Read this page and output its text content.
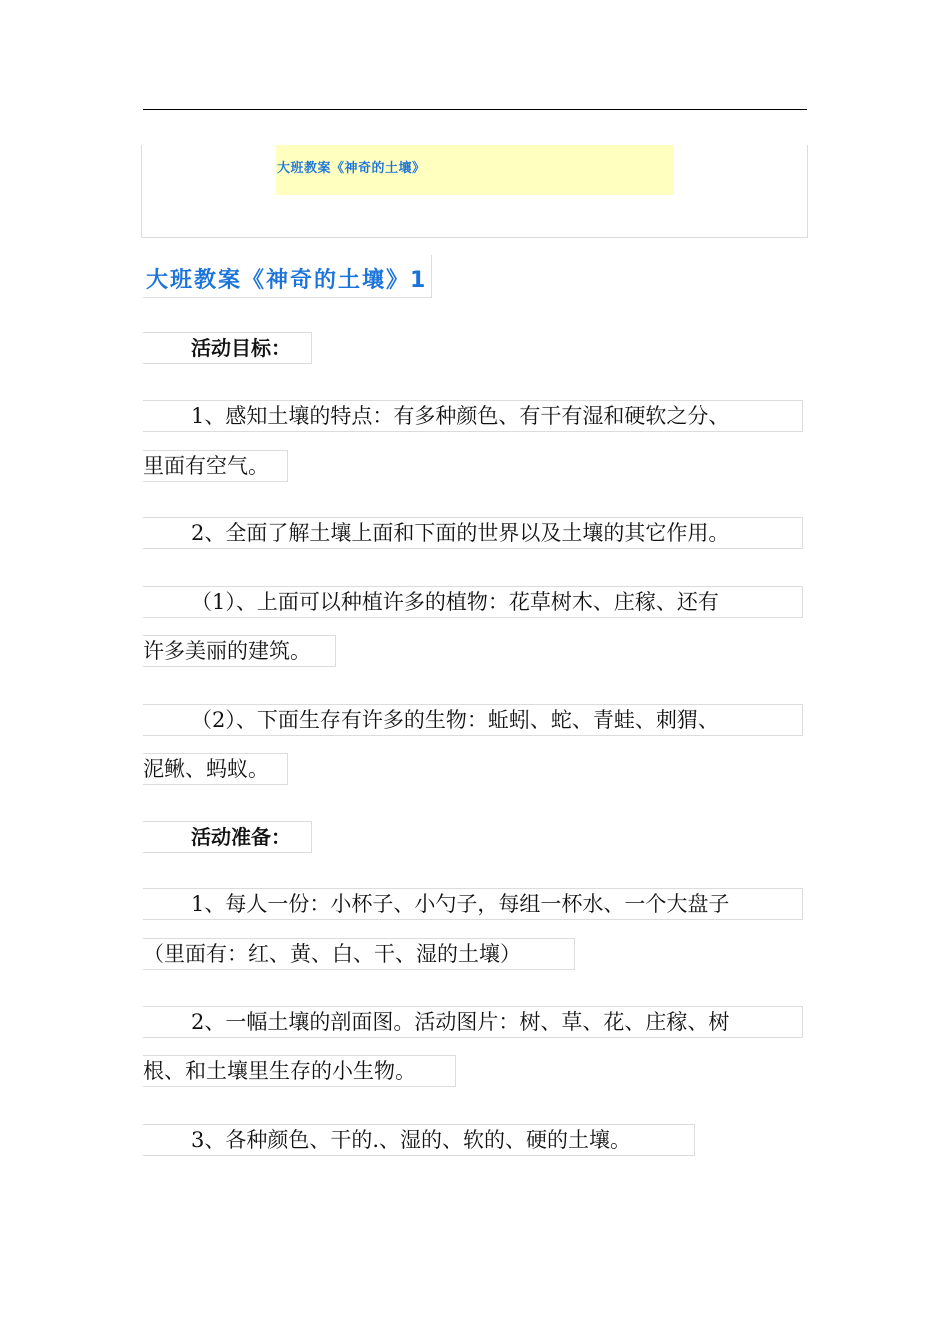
大班教案《神奇的土壤》
大班教案《神奇的土壤》1
活动目标：
1、感知土壤的特点：有多种颜色、有干有湿和硬软之分、
里面有空气。
2、全面了解土壤上面和下面的世界以及土壤的其它作用。
（1）、上面可以种植许多的植物：花草树木、庄稼、还有
许多美丽的建筑。
（2）、下面生存有许多的生物：蚯蚓、蛇、青蛙、刺猬、
泥鳅、蚂蚁。
活动准备：
1、每人一份：小杯子、小勺子，每组一杯水、一个大盘子
（里面有：红、黄、白、干、湿的土壤）
2、一幅土壤的剖面图。活动图片：树、草、花、庄稼、树
根、和土壤里生存的小生物。
3、各种颜色、干的.、湿的、软的、硬的土壤。
